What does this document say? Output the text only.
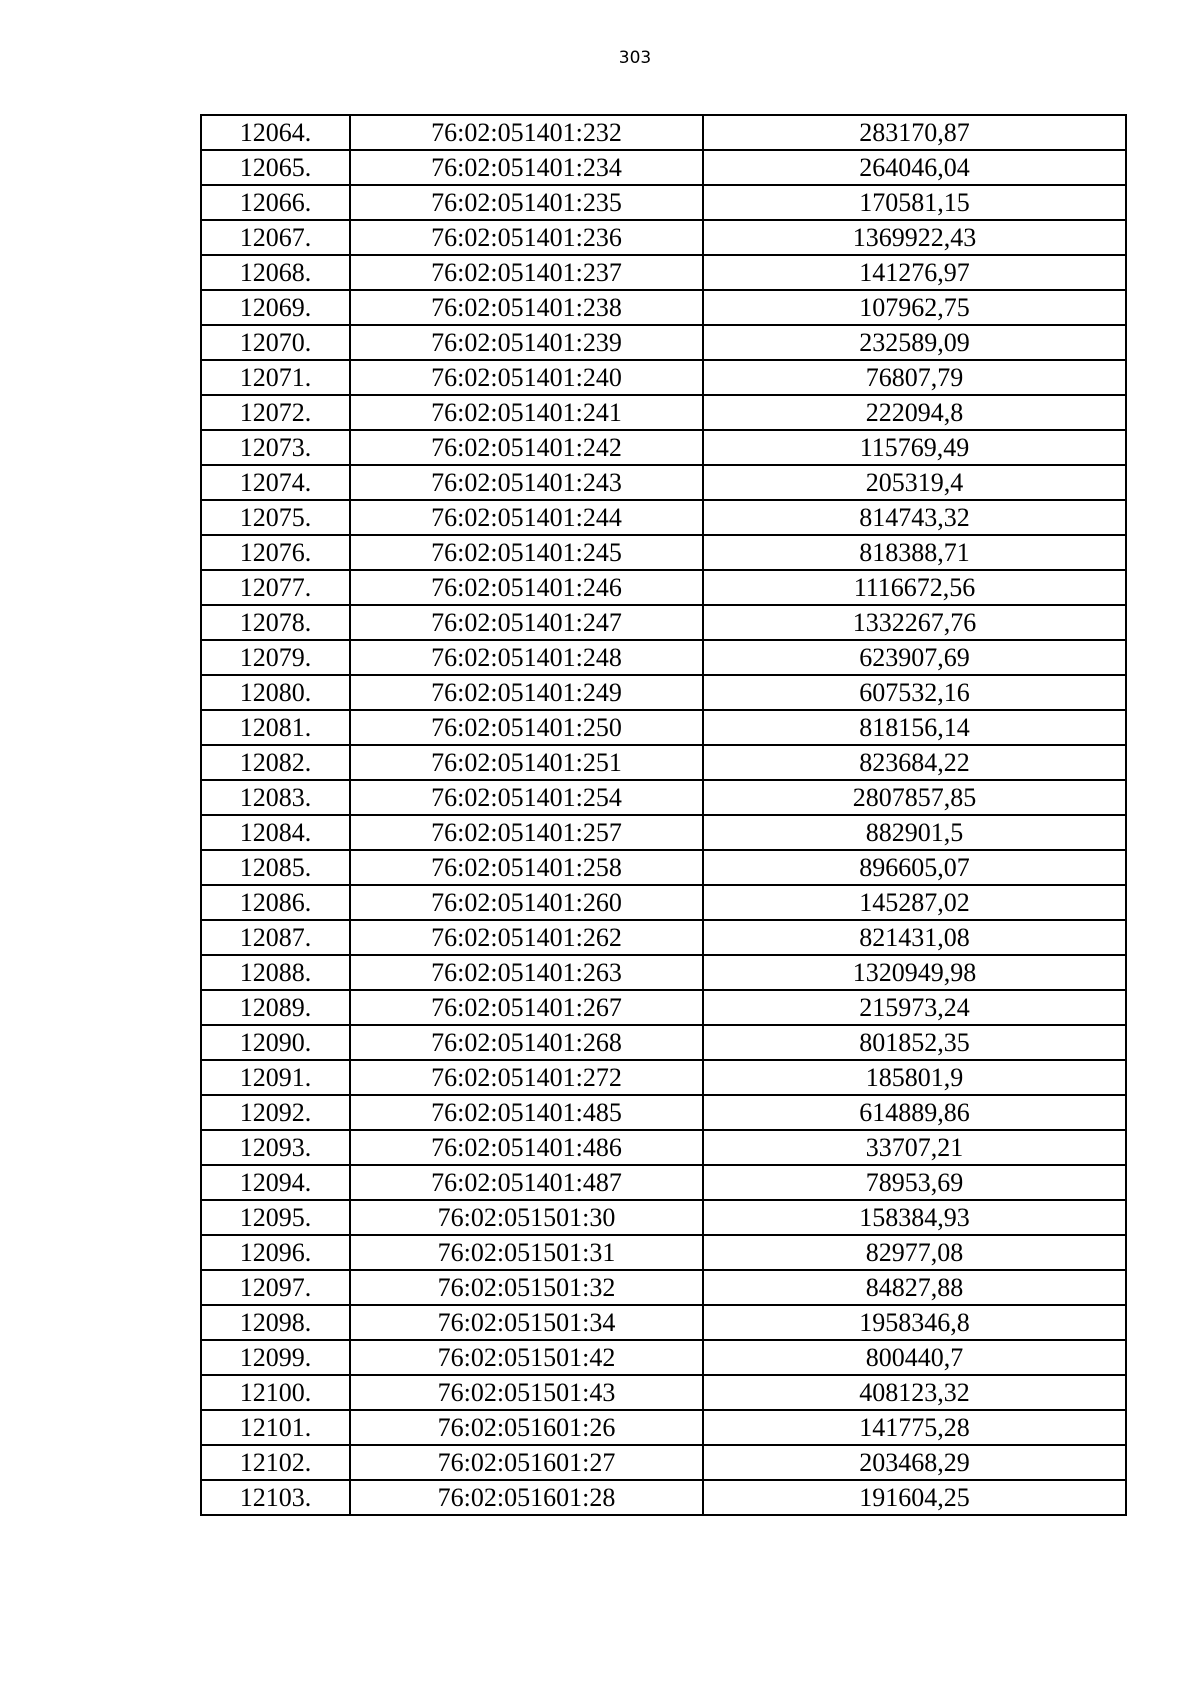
303
12064.	76:02:051401:232	283170,87
12065.	76:02:051401:234	264046,04
12066.	76:02:051401:235	170581,15
12067.	76:02:051401:236	1369922,43
12068.	76:02:051401:237	141276,97
12069.	76:02:051401:238	107962,75
12070.	76:02:051401:239	232589,09
12071.	76:02:051401:240	76807,79
12072.	76:02:051401:241	222094,8
12073.	76:02:051401:242	115769,49
12074.	76:02:051401:243	205319,4
12075.	76:02:051401:244	814743,32
12076.	76:02:051401:245	818388,71
12077.	76:02:051401:246	1116672,56
12078.	76:02:051401:247	1332267,76
12079.	76:02:051401:248	623907,69
12080.	76:02:051401:249	607532,16
12081.	76:02:051401:250	818156,14
12082.	76:02:051401:251	823684,22
12083.	76:02:051401:254	2807857,85
12084.	76:02:051401:257	882901,5
12085.	76:02:051401:258	896605,07
12086.	76:02:051401:260	145287,02
12087.	76:02:051401:262	821431,08
12088.	76:02:051401:263	1320949,98
12089.	76:02:051401:267	215973,24
12090.	76:02:051401:268	801852,35
12091.	76:02:051401:272	185801,9
12092.	76:02:051401:485	614889,86
12093.	76:02:051401:486	33707,21
12094.	76:02:051401:487	78953,69
12095.	76:02:051501:30	158384,93
12096.	76:02:051501:31	82977,08
12097.	76:02:051501:32	84827,88
12098.	76:02:051501:34	1958346,8
12099.	76:02:051501:42	800440,7
12100.	76:02:051501:43	408123,32
12101.	76:02:051601:26	141775,28
12102.	76:02:051601:27	203468,29
12103.	76:02:051601:28	191604,25
